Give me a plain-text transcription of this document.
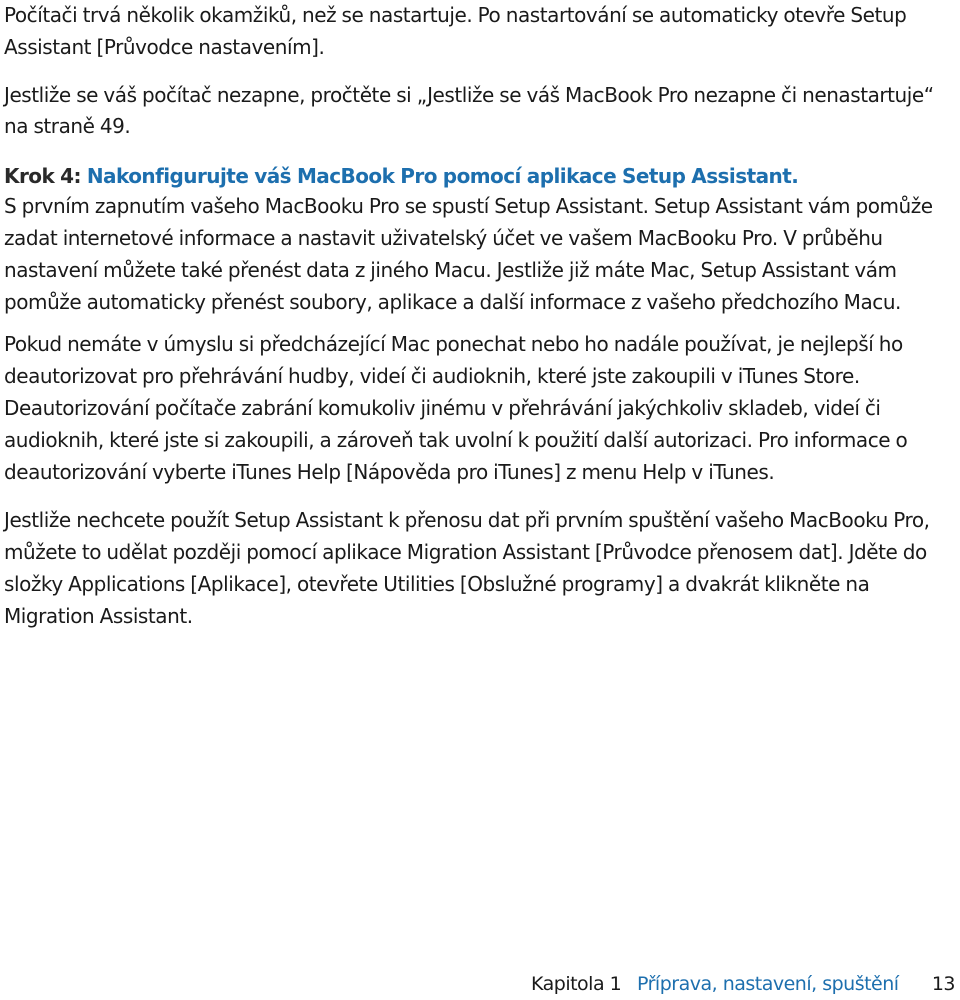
Počítači trvá několik okamžiků, než se nastartuje. Po nastartování se automaticky otevře Setup Assistant [Průvodce nastavením].

Jestliže se váš počítač nezapne, pročtěte si „Jestliže se váš MacBook Pro nezapne či nenastartuje“ na straně 49.

Krok 4: Nakonfigurujte váš MacBook Pro pomocí aplikace Setup Assistant.

S prvním zapnutím vašeho MacBooku Pro se spustí Setup Assistant. Setup Assistant vám pomůže zadat internetové informace a nastavit uživatelský účet ve vašem MacBooku Pro. V průběhu nastavení můžete také přenést data z jiného Macu. Jestliže již máte Mac, Setup Assistant vám pomůže automaticky přenést soubory, aplikace a další informace z vašeho předchozího Macu.

Pokud nemáte v úmyslu si předcházející Mac ponechat nebo ho nadále používat, je nejlepší ho deautorizovat pro přehrávání hudby, videí či audioknih, které jste zakoupili v iTunes Store. Deautorizování počítače zabrání komukoliv jinému v přehrávání jakýchkoliv skladeb, videí či audioknih, které jste si zakoupili, a zároveň tak uvolní k použití další autorizaci. Pro informace o deautorizování vyberte iTunes Help [Nápověda pro iTunes] z menu Help v iTunes.

Jestliže nechcete použít Setup Assistant k přenosu dat při prvním spuštění vašeho MacBooku Pro, můžete to udělat později pomocí aplikace Migration Assistant [Průvodce přenosem dat]. Jděte do složky Applications [Aplikace], otevřete Utilities [Obslužné programy] a dvakrát klikněte na Migration Assistant.

Kapitola 1 Příprava, nastavení, spuštění 13
